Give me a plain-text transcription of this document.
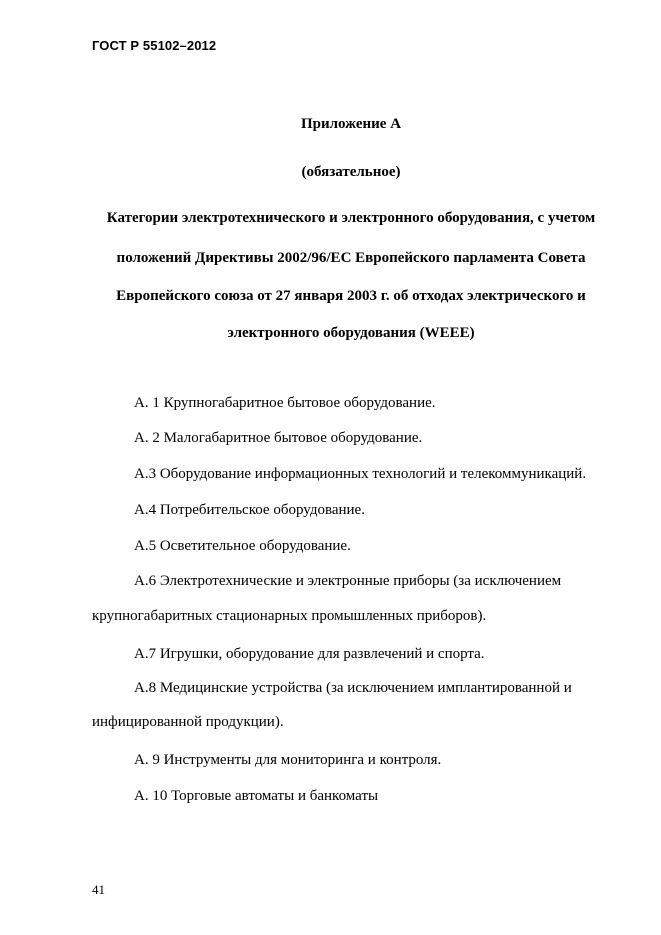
ГОСТ Р 55102–2012
Приложение А
(обязательное)
Категории электротехнического и электронного оборудования, с учетом
положений Директивы 2002/96/ЕС Европейского парламента Совета
Европейского союза от 27 января 2003 г. об отходах электрического и
электронного оборудования (WEEE)
А. 1 Крупногабаритное бытовое оборудование.
А. 2 Малогабаритное бытовое оборудование.
А.3 Оборудование информационных технологий и телекоммуникаций.
А.4 Потребительское оборудование.
А.5 Осветительное оборудование.
А.6 Электротехнические и электронные приборы (за исключением
крупногабаритных стационарных промышленных приборов).
А.7 Игрушки, оборудование для развлечений и спорта.
А.8 Медицинские устройства (за исключением имплантированной и
инфицированной продукции).
А. 9 Инструменты для мониторинга и контроля.
А. 10 Торговые автоматы и банкоматы
41
